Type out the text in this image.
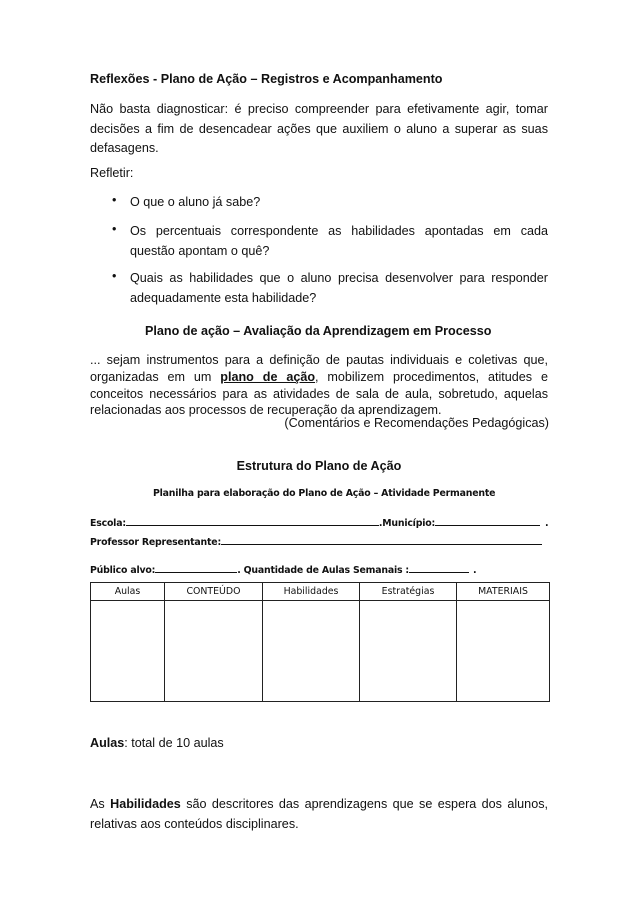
Reflexões - Plano de Ação – Registros e Acompanhamento
Não basta diagnosticar: é preciso compreender para efetivamente agir, tomar decisões a fim de desencadear ações que auxiliem o aluno a superar as suas defasagens.
Refletir:
• O que o aluno já sabe?
• Os percentuais correspondente as habilidades apontadas em cada questão apontam o quê?
• Quais as habilidades que o aluno precisa desenvolver para responder adequadamente esta habilidade?
Plano de ação – Avaliação da Aprendizagem em Processo
... sejam instrumentos para a definição de pautas individuais e coletivas que, organizadas em um plano de ação, mobilizem procedimentos, atitudes e conceitos necessários para as atividades de sala de aula, sobretudo, aquelas relacionadas aos processos de recuperação da aprendizagem.
(Comentários e Recomendações Pedagógicas)
Estrutura do Plano de Ação
Planilha para elaboração do Plano de Ação – Atividade Permanente
Escola:	.Município:	.
Professor Representante:
Público alvo:	. Quantidade de Aulas Semanais :	.
Aulas	CONTEÚDO	Habilidades	Estratégias	MATERIAIS

Aulas: total de 10 aulas
As Habilidades são descritores das aprendizagens que se espera dos alunos, relativas aos conteúdos disciplinares.
